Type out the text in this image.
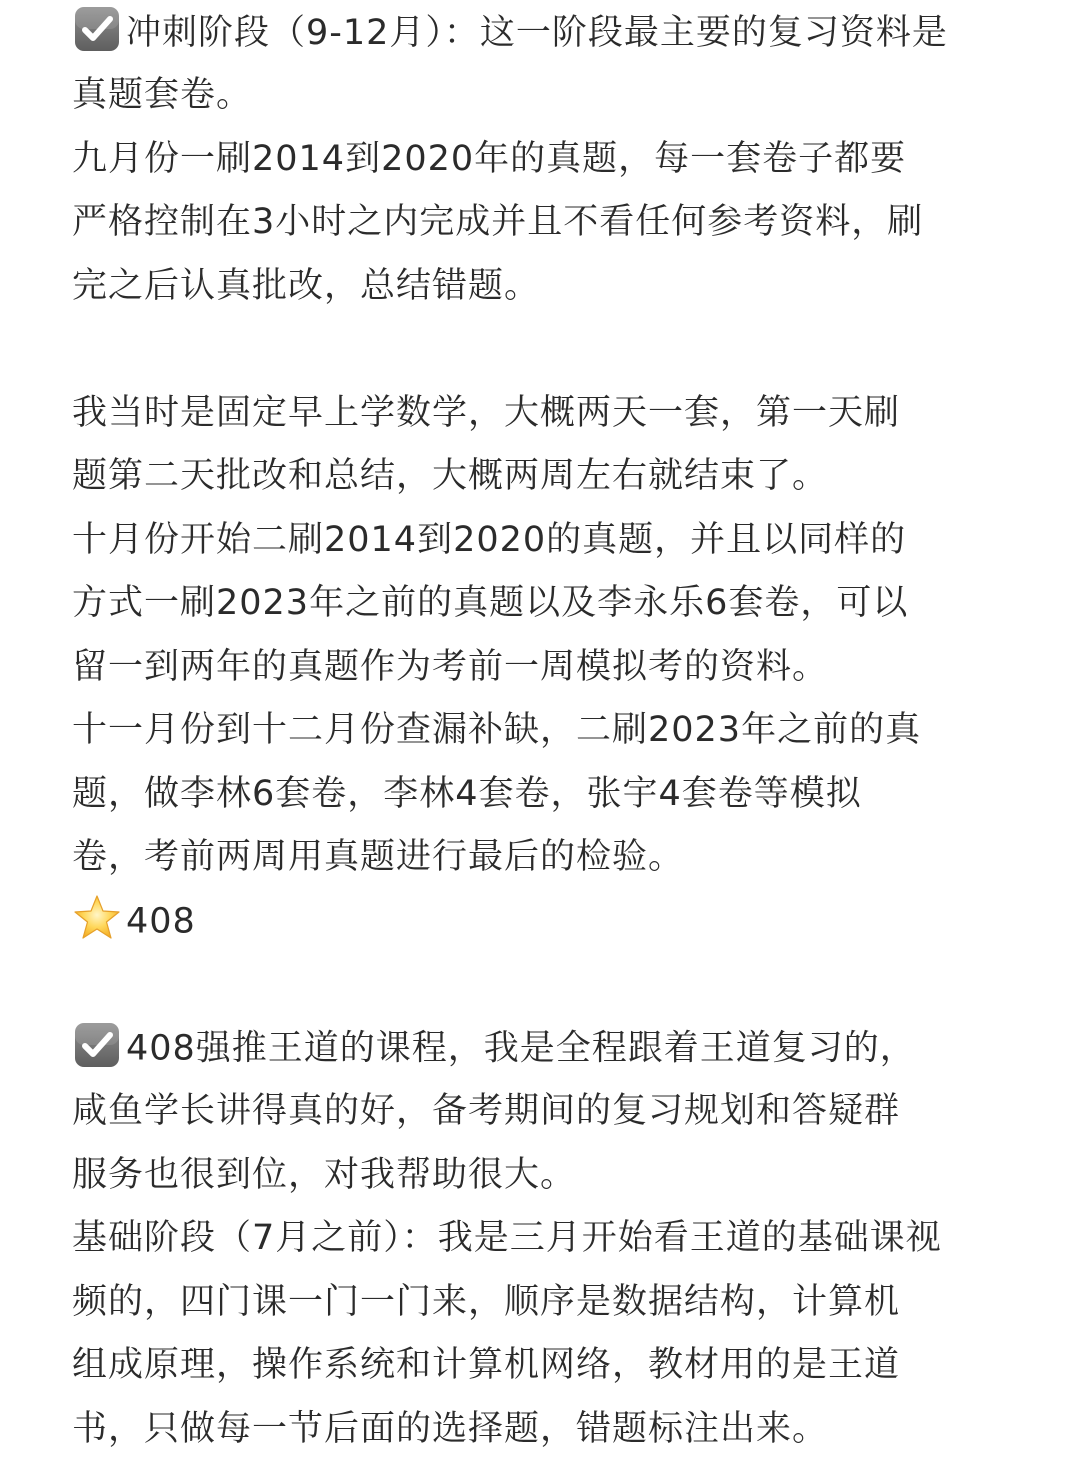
冲刺阶段（9-12月）：这一阶段最主要的复习资料是
真题套卷。
九月份一刷2014到2020年的真题，每一套卷子都要
严格控制在3小时之内完成并且不看任何参考资料，刷
完之后认真批改，总结错题。
我当时是固定早上学数学，大概两天一套，第一天刷
题第二天批改和总结，大概两周左右就结束了。
十月份开始二刷2014到2020的真题，并且以同样的
方式一刷2023年之前的真题以及李永乐6套卷，可以
留一到两年的真题作为考前一周模拟考的资料。
十一月份到十二月份查漏补缺，二刷2023年之前的真
题，做李林6套卷，李林4套卷，张宇4套卷等模拟
卷，考前两周用真题进行最后的检验。
408
408强推王道的课程，我是全程跟着王道复习的，
咸鱼学长讲得真的好，备考期间的复习规划和答疑群
服务也很到位，对我帮助很大。
基础阶段（7月之前）：我是三月开始看王道的基础课视
频的，四门课一门一门来，顺序是数据结构，计算机
组成原理，操作系统和计算机网络，教材用的是王道
书，只做每一节后面的选择题，错题标注出来。
